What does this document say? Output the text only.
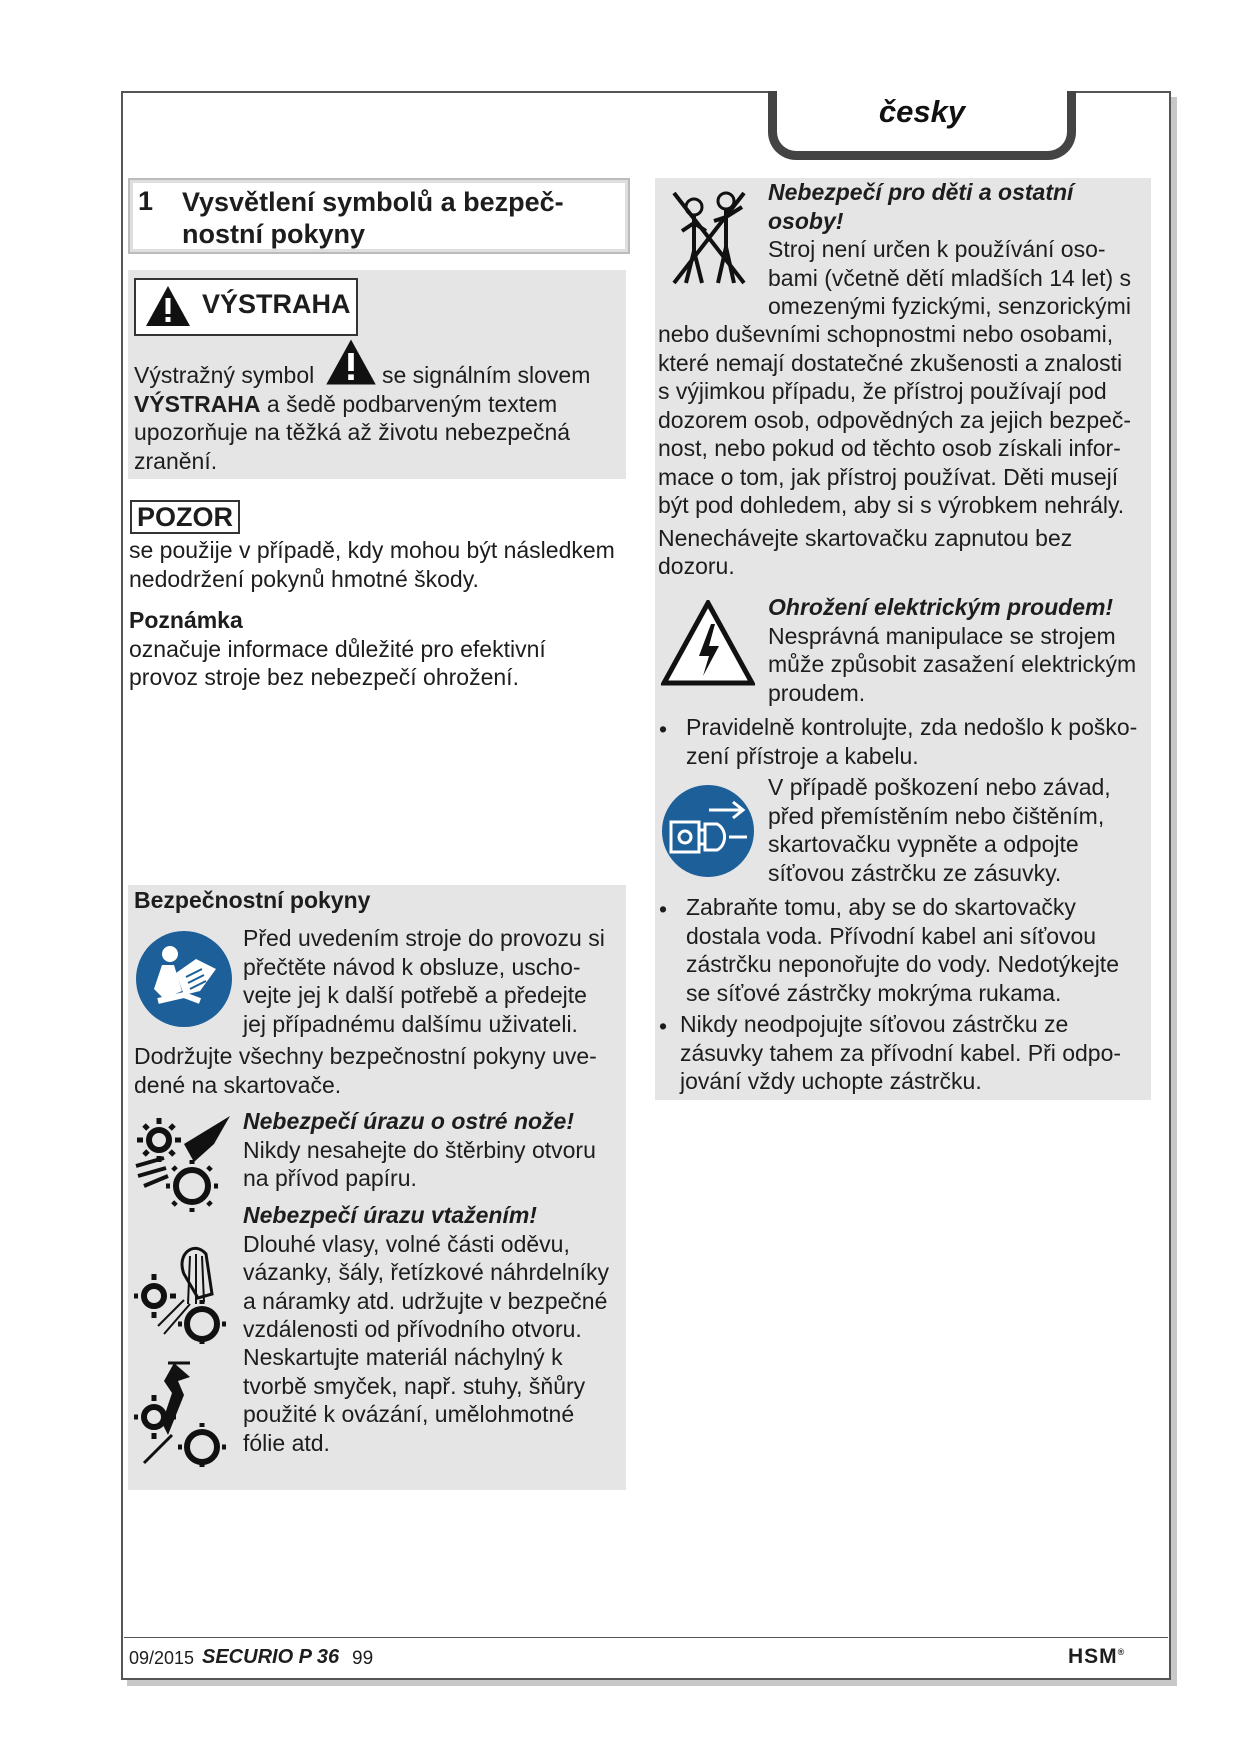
česky
1 Vysvětlení symbolů a bezpeč-
nostní pokyny
VÝSTRAHA
Výstražný symbol	se signálním slovem
VÝSTRAHA a šedě podbarveným textem
upozorňuje na těžká až životu nebezpečná
zranění.
POZOR
se použije v případě, kdy mohou být následkem
nedodržení pokynů hmotné škody.
Poznámka
označuje informace důležité pro efektivní
provoz stroje bez nebezpečí ohrožení.
Bezpečnostní pokyny
Před uvedením stroje do provozu si
přečtěte návod k obsluze, uscho-
vejte jej k další potřebě a předejte
jej případnému dalšímu uživateli.
Dodržujte všechny bezpečnostní pokyny uve-
dené na skartovače.
Nebezpečí úrazu o ostré nože!
Nikdy nesahejte do štěrbiny otvoru
na přívod papíru.
Nebezpečí úrazu vtažením!
Dlouhé vlasy, volné části oděvu,
vázanky, šály, řetízkové náhrdelníky
a náramky atd. udržujte v bezpečné
vzdálenosti od přívodního otvoru.
Neskartujte materiál náchylný k
tvorbě smyček, např. stuhy, šňůry
použité k ovázání, umělohmotné
fólie atd.
Nebezpečí pro děti a ostatní
osoby!
Stroj není určen k používání oso-
bami (včetně dětí mladších 14 let) s
omezenými fyzickými, senzorickými
nebo duševními schopnostmi nebo osobami,
které nemají dostatečné zkušenosti a znalosti
s výjimkou případu, že přístroj používají pod
dozorem osob, odpovědných za jejich bezpeč-
nost, nebo pokud od těchto osob získali infor-
mace o tom, jak přístroj používat. Děti musejí
být pod dohledem, aby si s výrobkem nehrály.
Nenechávejte skartovačku zapnutou bez
dozoru.
Ohrožení elektrickým proudem!
Nesprávná manipulace se strojem
může způsobit zasažení elektrickým
proudem.
• Pravidelně kontrolujte, zda nedošlo k poško-
zení přístroje a kabelu.
V případě poškození nebo závad,
před přemístěním nebo čištěním,
skartovačku vypněte a odpojte
síťovou zástrčku ze zásuvky.
• Zabraňte tomu, aby se do skartovačky
dostala voda. Přívodní kabel ani síťovou
zástrčku neponořujte do vody. Nedotýkejte
se síťové zástrčky mokrýma rukama.
• Nikdy neodpojujte síťovou zástrčku ze
zásuvky tahem za přívodní kabel. Při odpo-
jování vždy uchopte zástrčku.
09/2015 SECURIO P 36 99	HSM®
